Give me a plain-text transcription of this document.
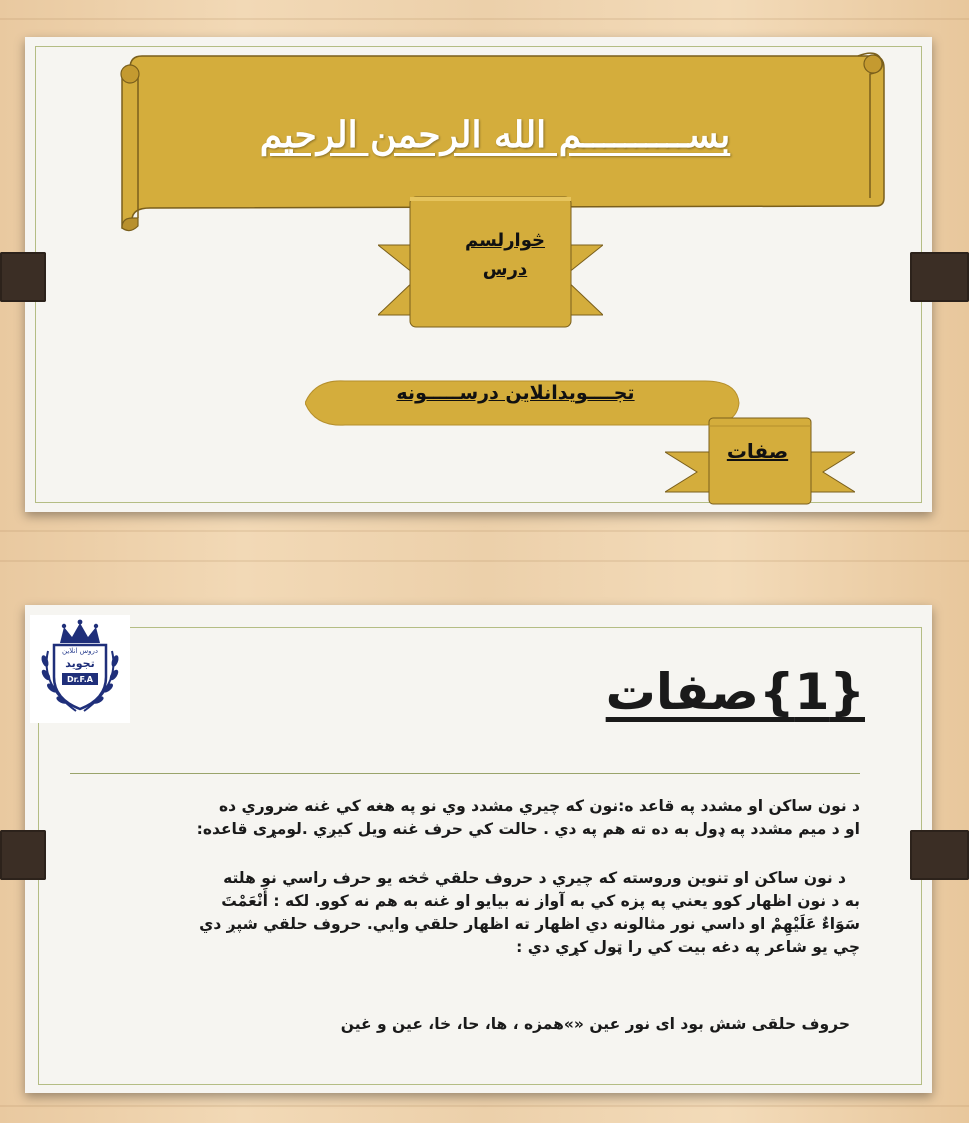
بســــــــــم الله الرحمن الرحيم
څوارلسم
درس
تجــــويدانلاين درســـــونه
صفات
دروس انلاین
تجوید
Dr.F.A	{1}صفات
د نون ساكن او مشدد په قاعد ه:نون كه چيري مشدد وي نو په هغه كي غنه ضروري ده
او د ميم مشدد په ډول به ده ته هم په دي . حالت كي حرف غنه ويل كيږي .لومړى قاعده:
د نون ساكن او تنوين وروسته كه چيري د حروف حلقي څخه يو حرف راسي نو هلته
به د نون اظهار كوو يعني په پزه كي به آواز نه بيايو او غنه به هم نه كوو. لكه : أَنْعَمْتَ
سَوَاءٌ عَلَيْهِمْ او داسي نور مثالونه دي اظهار ته اظهار حلقي وايي. حروف حلقي شپږ دي
چي يو شاعر په دغه بيت كي را ټول كړي دي :
حروف حلقی شش بود ای نور عین «»همزه ، ها، حا، خا، عین و غین
